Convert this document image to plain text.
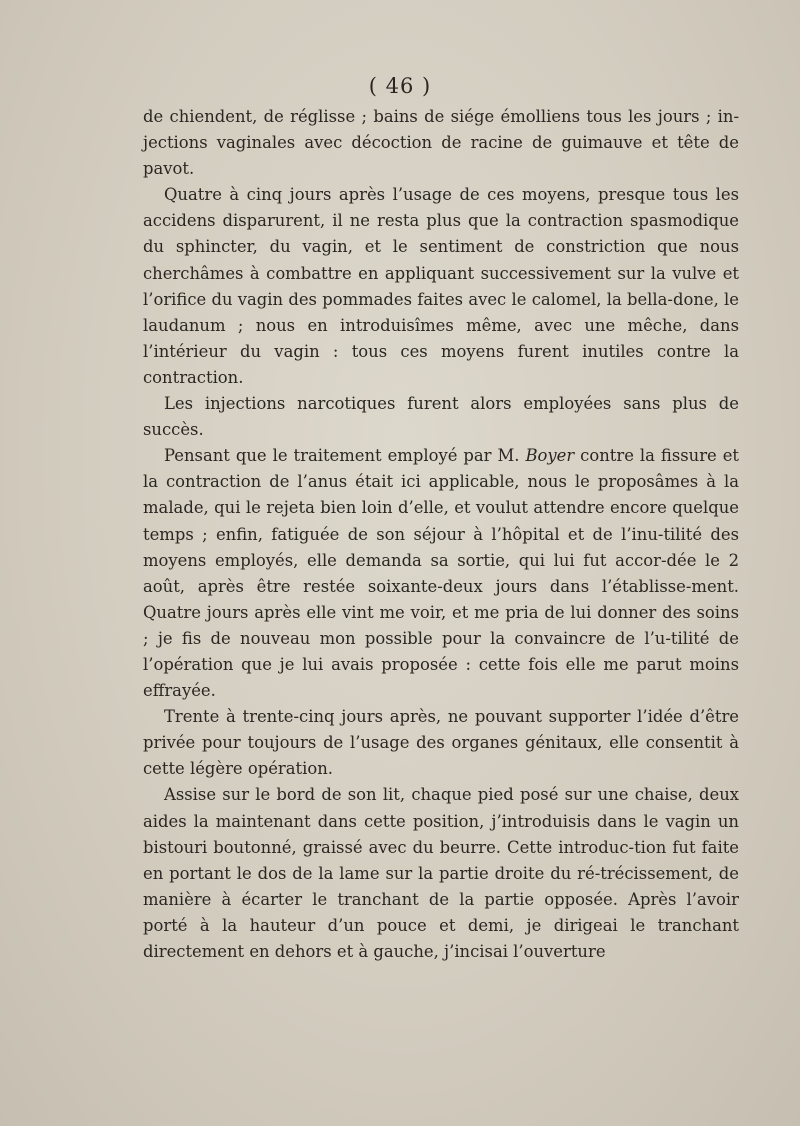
( 46 )

de chiendent, de réglisse ; bains de siége émolliens tous les jours ; in-jections vaginales avec décoction de racine de guimauve et tête de pavot.

Quatre à cinq jours après l’usage de ces moyens, presque tous les accidens disparurent, il ne resta plus que la contraction spasmodique du sphincter, du vagin, et le sentiment de constriction que nous cherchâmes à combattre en appliquant successivement sur la vulve et l’orifice du vagin des pommades faites avec le calomel, la bella-done, le laudanum ; nous en introduisîmes même, avec une mêche, dans l’intérieur du vagin : tous ces moyens furent inutiles contre la contraction.

Les injections narcotiques furent alors employées sans plus de succès.

Pensant que le traitement employé par M. Boyer contre la fissure et la contraction de l’anus était ici applicable, nous le proposâmes à la malade, qui le rejeta bien loin d’elle, et voulut attendre encore quelque temps ; enfin, fatiguée de son séjour à l’hôpital et de l’inu-tilité des moyens employés, elle demanda sa sortie, qui lui fut accor-dée le 2 août, après être restée soixante-deux jours dans l’établisse-ment. Quatre jours après elle vint me voir, et me pria de lui donner des soins ; je fis de nouveau mon possible pour la convaincre de l’u-tilité de l’opération que je lui avais proposée : cette fois elle me parut moins effrayée.

Trente à trente-cinq jours après, ne pouvant supporter l’idée d’être privée pour toujours de l’usage des organes génitaux, elle consentit à cette légère opération.

Assise sur le bord de son lit, chaque pied posé sur une chaise, deux aides la maintenant dans cette position, j’introduisis dans le vagin un bistouri boutonné, graissé avec du beurre. Cette introduc-tion fut faite en portant le dos de la lame sur la partie droite du ré-trécissement, de manière à écarter le tranchant de la partie opposée. Après l’avoir porté à la hauteur d’un pouce et demi, je dirigeai le tranchant directement en dehors et à gauche, j’incisai l’ouverture
